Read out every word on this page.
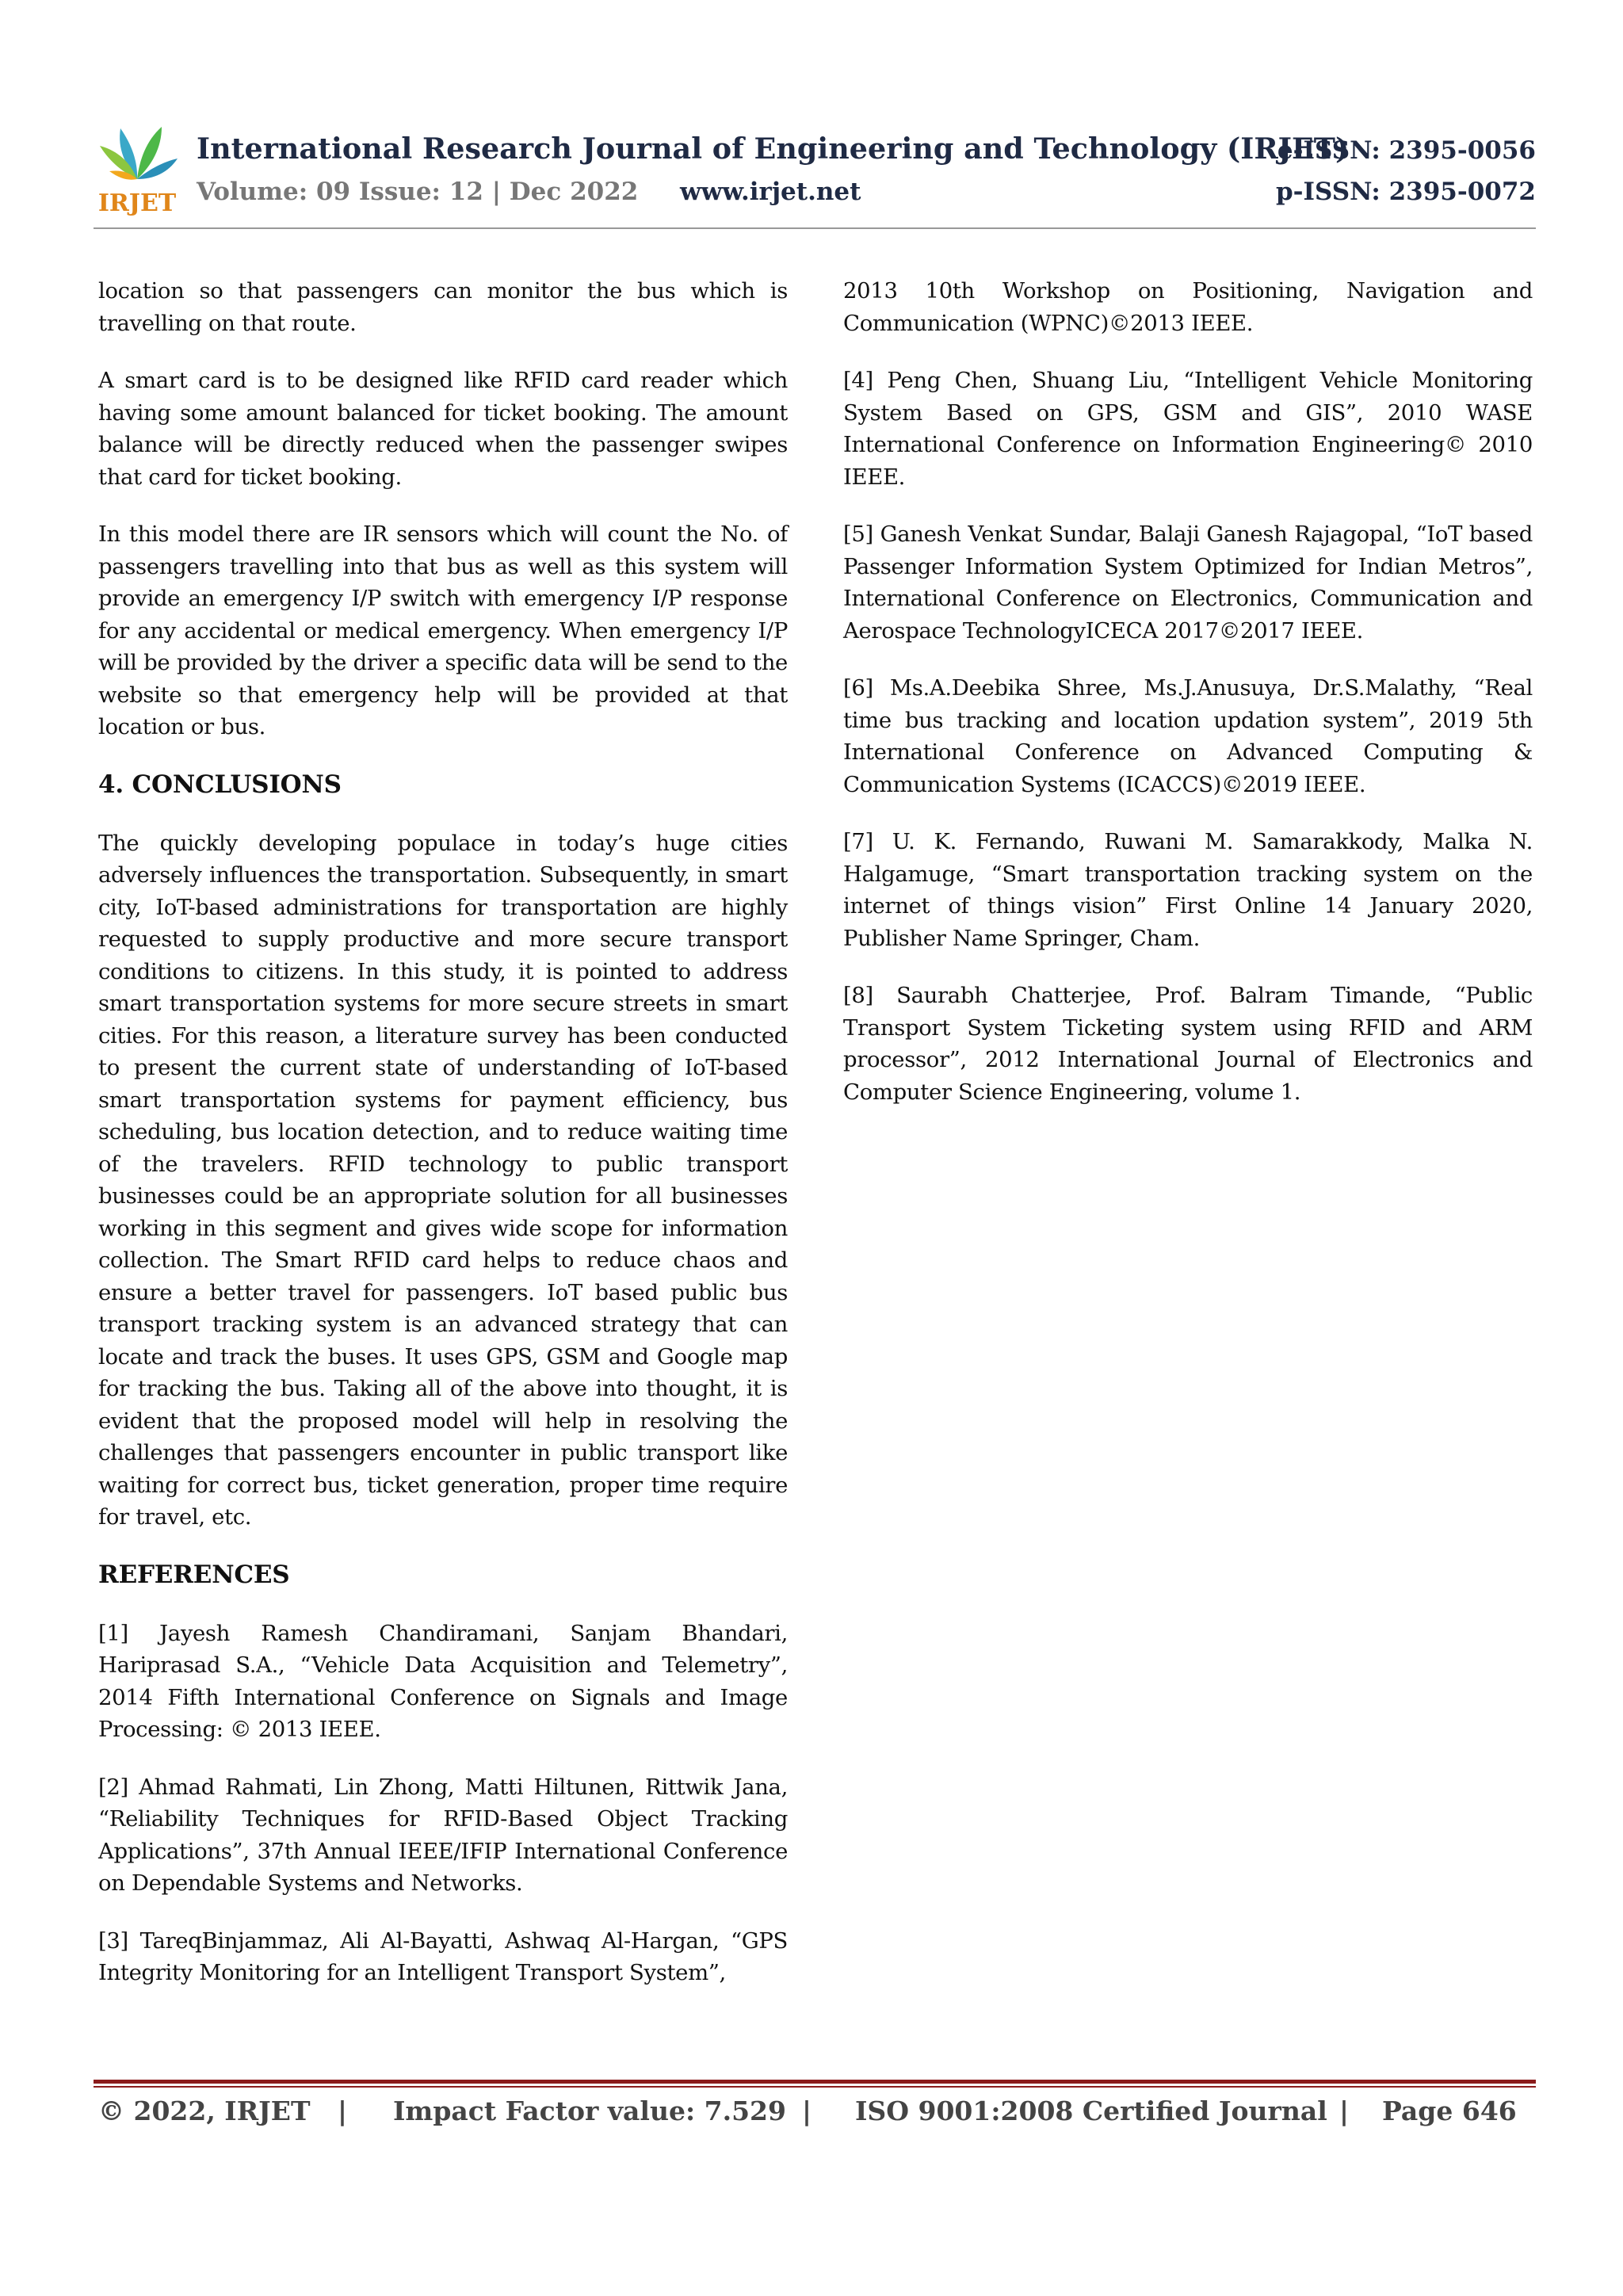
IRJET
International Research Journal of Engineering and Technology (IRJET)
e-ISSN: 2395-0056
Volume: 09 Issue: 12 | Dec 2022 www.irjet.net	p-ISSN: 2395-0072

location so that passengers can monitor the bus which is travelling on that route.

A smart card is to be designed like RFID card reader which having some amount balanced for ticket booking. The amount balance will be directly reduced when the passenger swipes that card for ticket booking.

In this model there are IR sensors which will count the No. of passengers travelling into that bus as well as this system will provide an emergency I/P switch with emergency I/P response for any accidental or medical emergency. When emergency I/P will be provided by the driver a specific data will be send to the website so that emergency help will be provided at that location or bus.

4. CONCLUSIONS

The quickly developing populace in today’s huge cities adversely influences the transportation. Subsequently, in smart city, IoT-based administrations for transportation are highly requested to supply productive and more secure transport conditions to citizens. In this study, it is pointed to address smart transportation systems for more secure streets in smart cities. For this reason, a literature survey has been conducted to present the current state of understanding of IoT-based smart transportation systems for payment efficiency, bus scheduling, bus location detection, and to reduce waiting time of the travelers. RFID technology to public transport businesses could be an appropriate solution for all businesses working in this segment and gives wide scope for information collection. The Smart RFID card helps to reduce chaos and ensure a better travel for passengers. IoT based public bus transport tracking system is an advanced strategy that can locate and track the buses. It uses GPS, GSM and Google map for tracking the bus. Taking all of the above into thought, it is evident that the proposed model will help in resolving the challenges that passengers encounter in public transport like waiting for correct bus, ticket generation, proper time require for travel, etc.

REFERENCES

[1] Jayesh Ramesh Chandiramani, Sanjam Bhandari, Hariprasad S.A., “Vehicle Data Acquisition and Telemetry”, 2014 Fifth International Conference on Signals and Image Processing: © 2013 IEEE.

[2] Ahmad Rahmati, Lin Zhong, Matti Hiltunen, Rittwik Jana, “Reliability Techniques for RFID-Based Object Tracking Applications”, 37th Annual IEEE/IFIP International Conference on Dependable Systems and Networks.

[3] TareqBinjammaz, Ali Al-Bayatti, Ashwaq Al-Hargan, “GPS Integrity Monitoring for an Intelligent Transport System”,

2013 10th Workshop on Positioning, Navigation and Communication (WPNC)©2013 IEEE.

[4] Peng Chen, Shuang Liu, “Intelligent Vehicle Monitoring System Based on GPS, GSM and GIS”, 2010 WASE International Conference on Information Engineering© 2010 IEEE.

[5] Ganesh Venkat Sundar, Balaji Ganesh Rajagopal, “IoT based Passenger Information System Optimized for Indian Metros”, International Conference on Electronics, Communication and Aerospace TechnologyICECA 2017©2017 IEEE.

[6] Ms.A.Deebika Shree, Ms.J.Anusuya, Dr.S.Malathy, “Real time bus tracking and location updation system”, 2019 5th International Conference on Advanced Computing & Communication Systems (ICACCS)©2019 IEEE.

[7] U. K. Fernando, Ruwani M. Samarakkody, Malka N. Halgamuge, “Smart transportation tracking system on the internet of things vision” First Online 14 January 2020, Publisher Name Springer, Cham.

[8] Saurabh Chatterjee, Prof. Balram Timande, “Public Transport System Ticketing system using RFID and ARM processor”, 2012 International Journal of Electronics and Computer Science Engineering, volume 1.

© 2022, IRJET | Impact Factor value: 7.529 | ISO 9001:2008 Certified Journal | Page 646
